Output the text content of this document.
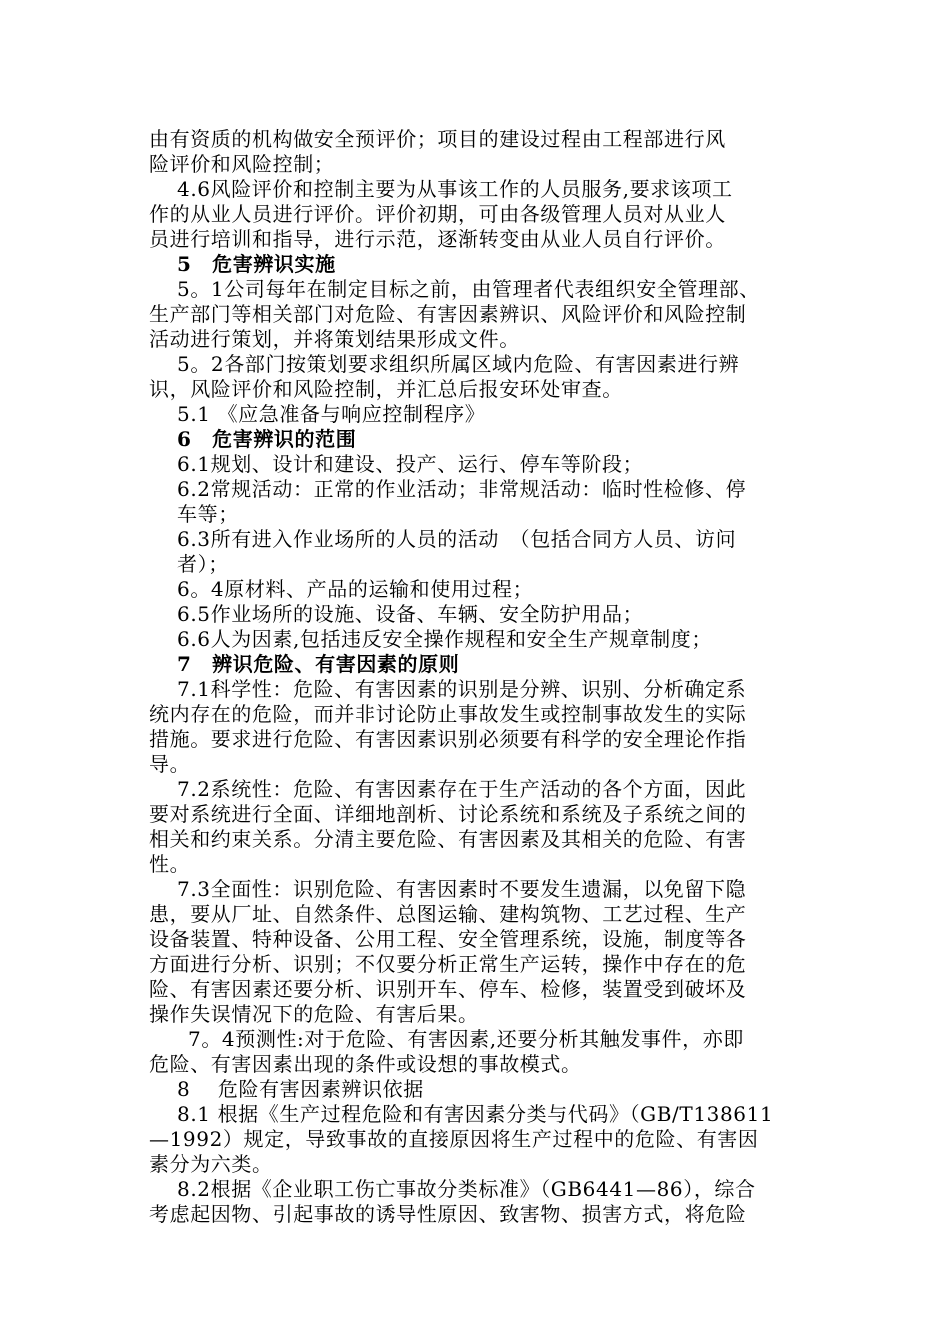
由有资质的机构做安全预评价；项目的建设过程由工程部进行风
险评价和风险控制；
4.6风险评价和控制主要为从事该工作的人员服务,要求该项工
作的从业人员进行评价。评价初期，可由各级管理人员对从业人
员进行培训和指导，进行示范，逐渐转变由从业人员自行评价。
5　危害辨识实施
5。1公司每年在制定目标之前，由管理者代表组织安全管理部、
生产部门等相关部门对危险、有害因素辨识、风险评价和风险控制
活动进行策划，并将策划结果形成文件。
5。2各部门按策划要求组织所属区域内危险、有害因素进行辨
识，风险评价和风险控制，并汇总后报安环处审查。
5.1 《应急准备与响应控制程序》
6　危害辨识的范围
6.1规划、设计和建设、投产、运行、停车等阶段；
6.2常规活动：正常的作业活动；非常规活动：临时性检修、停
车等；
6.3所有进入作业场所的人员的活动　（包括合同方人员、访问
者）；
6。4原材料、产品的运输和使用过程；
6.5作业场所的设施、设备、车辆、安全防护用品；
6.6人为因素,包括违反安全操作规程和安全生产规章制度；
7　辨识危险、有害因素的原则
7.1科学性：危险、有害因素的识别是分辨、识别、分析确定系
统内存在的危险，而并非讨论防止事故发生或控制事故发生的实际
措施。要求进行危险、有害因素识别必须要有科学的安全理论作指
导。
7.2系统性：危险、有害因素存在于生产活动的各个方面，因此
要对系统进行全面、详细地剖析、讨论系统和系统及子系统之间的
相关和约束关系。分清主要危险、有害因素及其相关的危险、有害
性。
7.3全面性：识别危险、有害因素时不要发生遗漏，以免留下隐
患，要从厂址、自然条件、总图运输、建构筑物、工艺过程、生产
设备装置、特种设备、公用工程、安全管理系统，设施，制度等各
方面进行分析、识别；不仅要分析正常生产运转，操作中存在的危
险、有害因素还要分析、识别开车、停车、检修，装置受到破坏及
操作失误情况下的危险、有害后果。
7。4预测性:对于危险、有害因素,还要分析其触发事件，亦即
危险、有害因素出现的条件或设想的事故模式。
8　 危险有害因素辨识依据
8.1 根据《生产过程危险和有害因素分类与代码》（GB/T138611
—1992）规定，导致事故的直接原因将生产过程中的危险、有害因
素分为六类。
8.2根据《企业职工伤亡事故分类标准》（GB6441—86），综合
考虑起因物、引起事故的诱导性原因、致害物、损害方式，将危险
